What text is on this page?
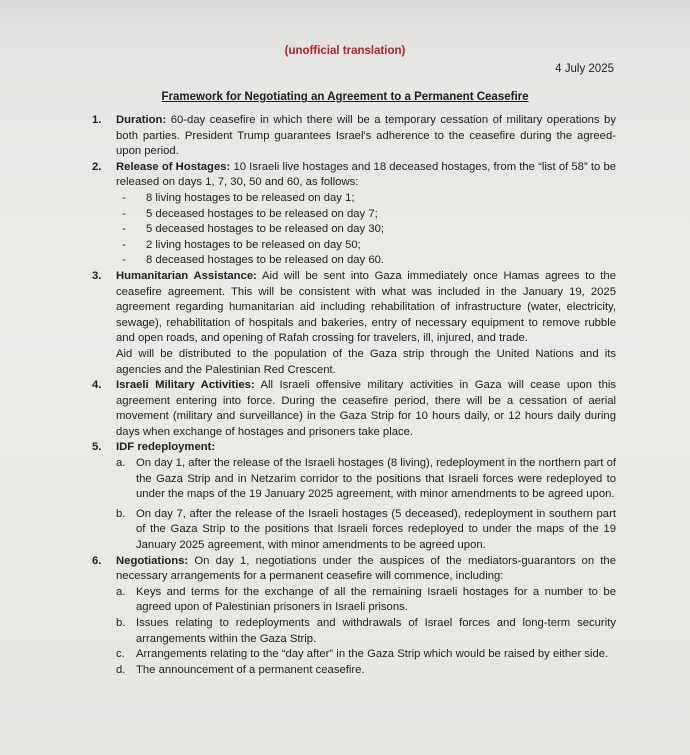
(unofficial translation)
4 July 2025
Framework for Negotiating an Agreement to a Permanent Ceasefire
1. Duration: 60-day ceasefire in which there will be a temporary cessation of military operations by both parties. President Trump guarantees Israel's adherence to the ceasefire during the agreed-upon period.

2. Release of Hostages: 10 Israeli live hostages and 18 deceased hostages, from the “list of 58” to be released on days 1, 7, 30, 50 and 60, as follows:

- 8 living hostages to be released on day 1;
- 5 deceased hostages to be released on day 7;
- 5 deceased hostages to be released on day 30;
- 2 living hostages to be released on day 50;
- 8 deceased hostages to be released on day 60.
3. Humanitarian Assistance: Aid will be sent into Gaza immediately once Hamas agrees to the ceasefire agreement. This will be consistent with what was included in the January 19, 2025 agreement regarding humanitarian aid including rehabilitation of infrastructure (water, electricity, sewage), rehabilitation of hospitals and bakeries, entry of necessary equipment to remove rubble and open roads, and opening of Rafah crossing for travelers, ill, injured, and trade.

Aid will be distributed to the population of the Gaza strip through the United Nations and its agencies and the Palestinian Red Crescent.

4. Israeli Military Activities: All Israeli offensive military activities in Gaza will cease upon this agreement entering into force. During the ceasefire period, there will be a cessation of aerial movement (military and surveillance) in the Gaza Strip for 10 hours daily, or 12 hours daily during days when exchange of hostages and prisoners take place.

5. IDF redeployment:

a. On day 1, after the release of the Israeli hostages (8 living), redeployment in the northern part of the Gaza Strip and in Netzarim corridor to the positions that Israeli forces were redeployed to under the maps of the 19 January 2025 agreement, with minor amendments to be agreed upon.
b. On day 7, after the release of the Israeli hostages (5 deceased), redeployment in southern part of the Gaza Strip to the positions that Israeli forces redeployed to under the maps of the 19 January 2025 agreement, with minor amendments to be agreed upon.
6. Negotiations: On day 1, negotiations under the auspices of the mediators-guarantors on the necessary arrangements for a permanent ceasefire will commence, including:

a. Keys and terms for the exchange of all the remaining Israeli hostages for a number to be agreed upon of Palestinian prisoners in Israeli prisons.
b. Issues relating to redeployments and withdrawals of Israel forces and long-term security arrangements within the Gaza Strip.
c. Arrangements relating to the “day after” in the Gaza Strip which would be raised by either side.
d. The announcement of a permanent ceasefire.
